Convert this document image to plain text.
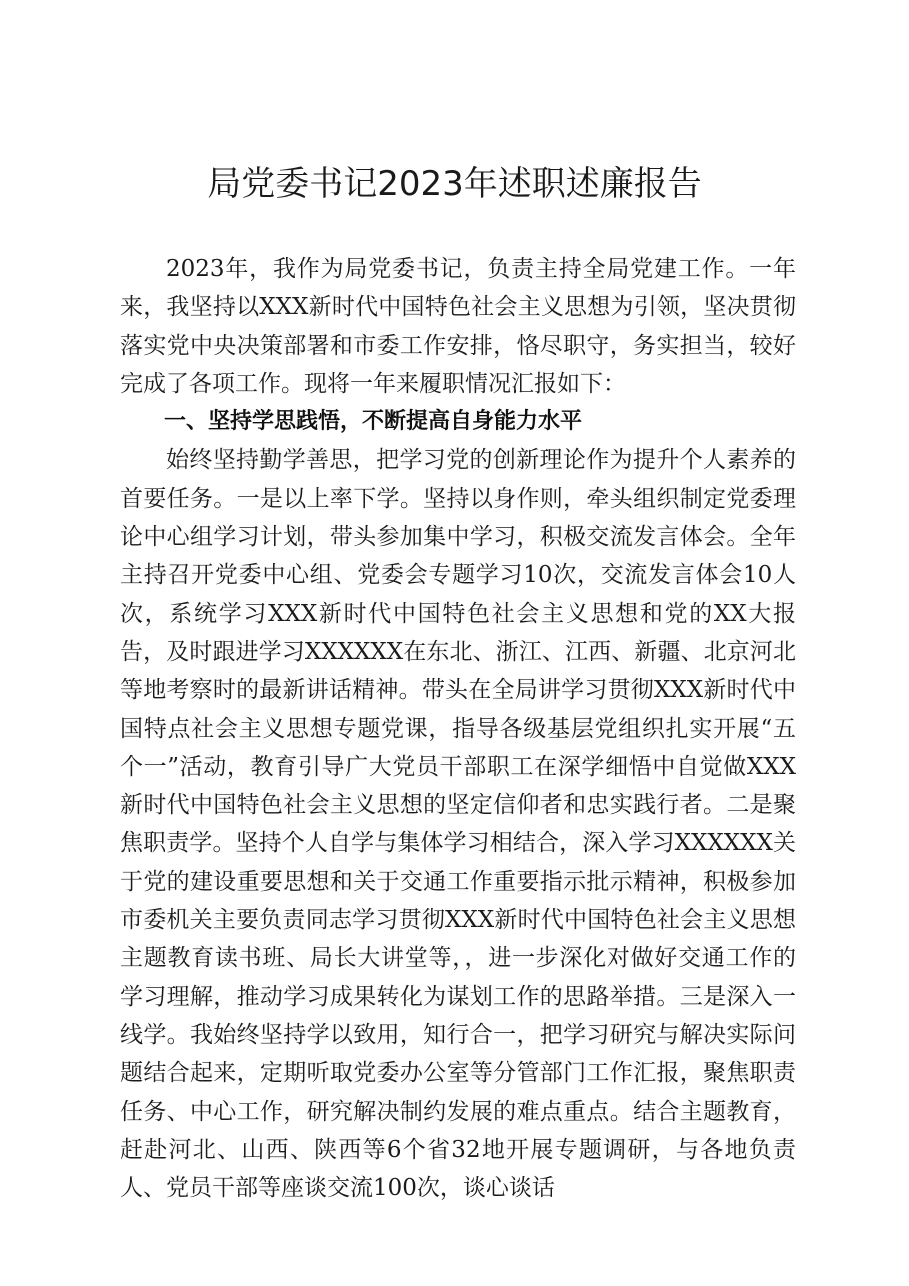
局党委书记2023年述职述廉报告

2023年，我作为局党委书记，负责主持全局党建工作。一年来，我坚持以XXX新时代中国特色社会主义思想为引领，坚决贯彻落实党中央决策部署和市委工作安排，恪尽职守，务实担当，较好完成了各项工作。现将一年来履职情况汇报如下：

一、坚持学思践悟，不断提高自身能力水平

始终坚持勤学善思，把学习党的创新理论作为提升个人素养的首要任务。一是以上率下学。坚持以身作则，牵头组织制定党委理论中心组学习计划，带头参加集中学习，积极交流发言体会。全年主持召开党委中心组、党委会专题学习10次，交流发言体会10人次，系统学习XXX新时代中国特色社会主义思想和党的XX大报告，及时跟进学习XXXXXX在东北、浙江、江西、新疆、北京河北等地考察时的最新讲话精神。带头在全局讲学习贯彻XXX新时代中国特点社会主义思想专题党课，指导各级基层党组织扎实开展“五个一”活动，教育引导广大党员干部职工在深学细悟中自觉做XXX新时代中国特色社会主义思想的坚定信仰者和忠实践行者。二是聚焦职责学。坚持个人自学与集体学习相结合，深入学习XXXXXX关于党的建设重要思想和关于交通工作重要指示批示精神，积极参加市委机关主要负责同志学习贯彻XXX新时代中国特色社会主义思想主题教育读书班、局长大讲堂等，，进一步深化对做好交通工作的学习理解，推动学习成果转化为谋划工作的思路举措。三是深入一线学。我始终坚持学以致用，知行合一，把学习研究与解决实际问题结合起来，定期听取党委办公室等分管部门工作汇报，聚焦职责任务、中心工作，研究解决制约发展的难点重点。结合主题教育，赶赴河北、山西、陕西等6个省32地开展专题调研，与各地负责人、党员干部等座谈交流100次，谈心谈话
